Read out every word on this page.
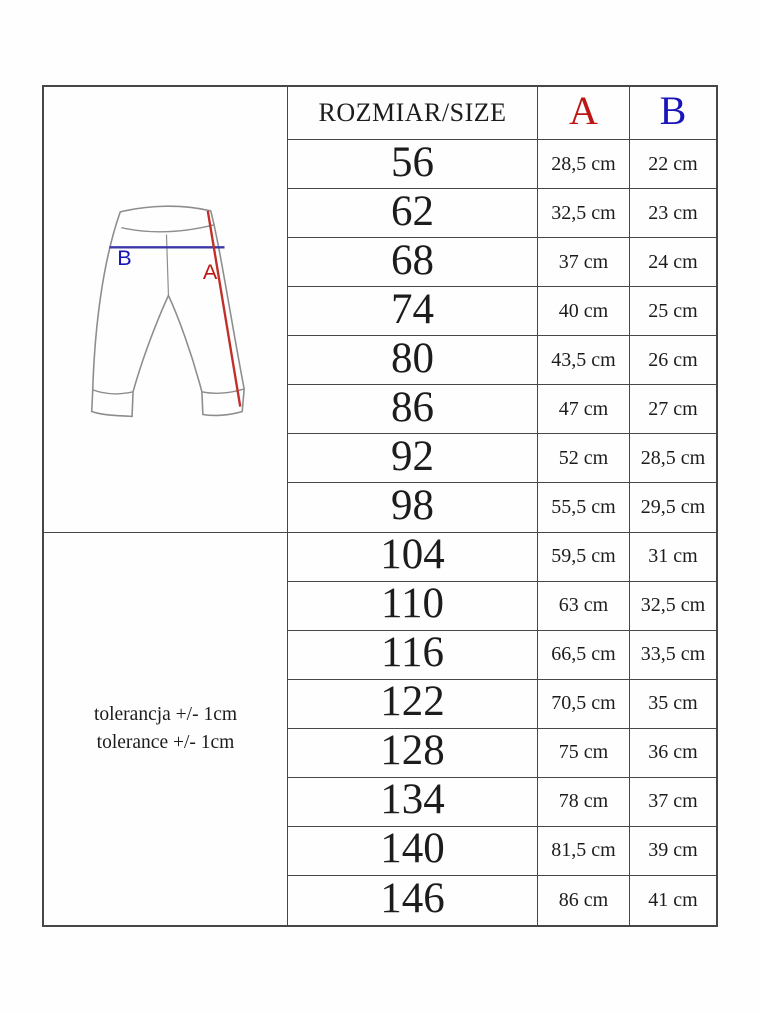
B
A
ROZMIAR/SIZE	A	B
tolerancja +/- 1cm
tolerance +/- 1cm
56	28,5 cm	22 cm
62	32,5 cm	23 cm
68	37 cm	24 cm
74	40 cm	25 cm
80	43,5 cm	26 cm
86	47 cm	27 cm
92	52 cm	28,5 cm
98	55,5 cm	29,5 cm
104	59,5 cm	31 cm
110	63 cm	32,5 cm
116	66,5 cm	33,5 cm
122	70,5 cm	35 cm
128	75 cm	36 cm
134	78 cm	37 cm
140	81,5 cm	39 cm
146	86 cm	41 cm
